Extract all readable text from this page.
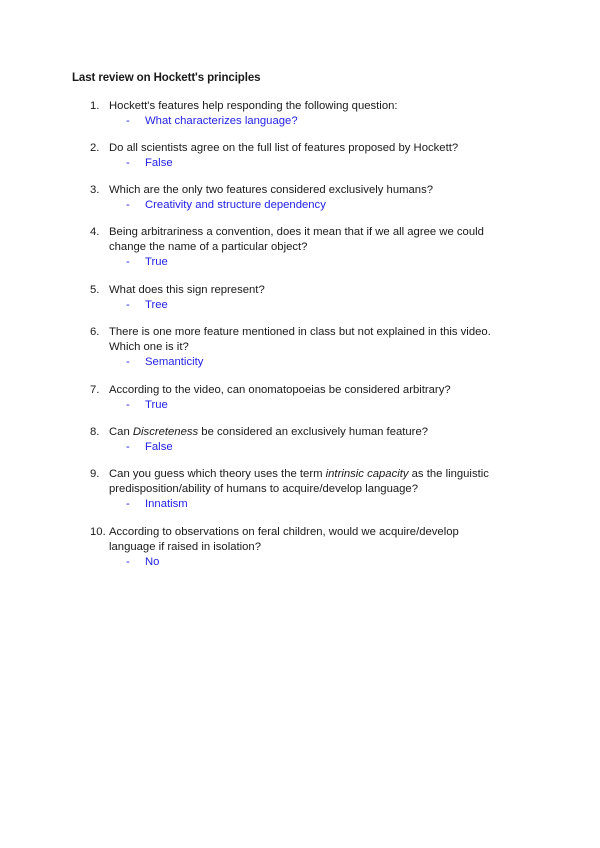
Last review on Hockett's principles
1. Hockett's features help responding the following question:
-	What characterizes language?
2. Do all scientists agree on the full list of features proposed by Hockett?
-	False
3. Which are the only two features considered exclusively humans?
-	Creativity and structure dependency
4. Being arbitrariness a convention, does it mean that if we all agree we could
change the name of a particular object?
-	True
5. What does this sign represent?
-	Tree
6. There is one more feature mentioned in class but not explained in this video.
Which one is it?
-	Semanticity
7. According to the video, can onomatopoeias be considered arbitrary?
-	True
8. Can Discreteness be considered an exclusively human feature?
-	False
9. Can you guess which theory uses the term intrinsic capacity as the linguistic
predisposition/ability of humans to acquire/develop language?
-	Innatism
10. According to observations on feral children, would we acquire/develop
language if raised in isolation?
-	No
